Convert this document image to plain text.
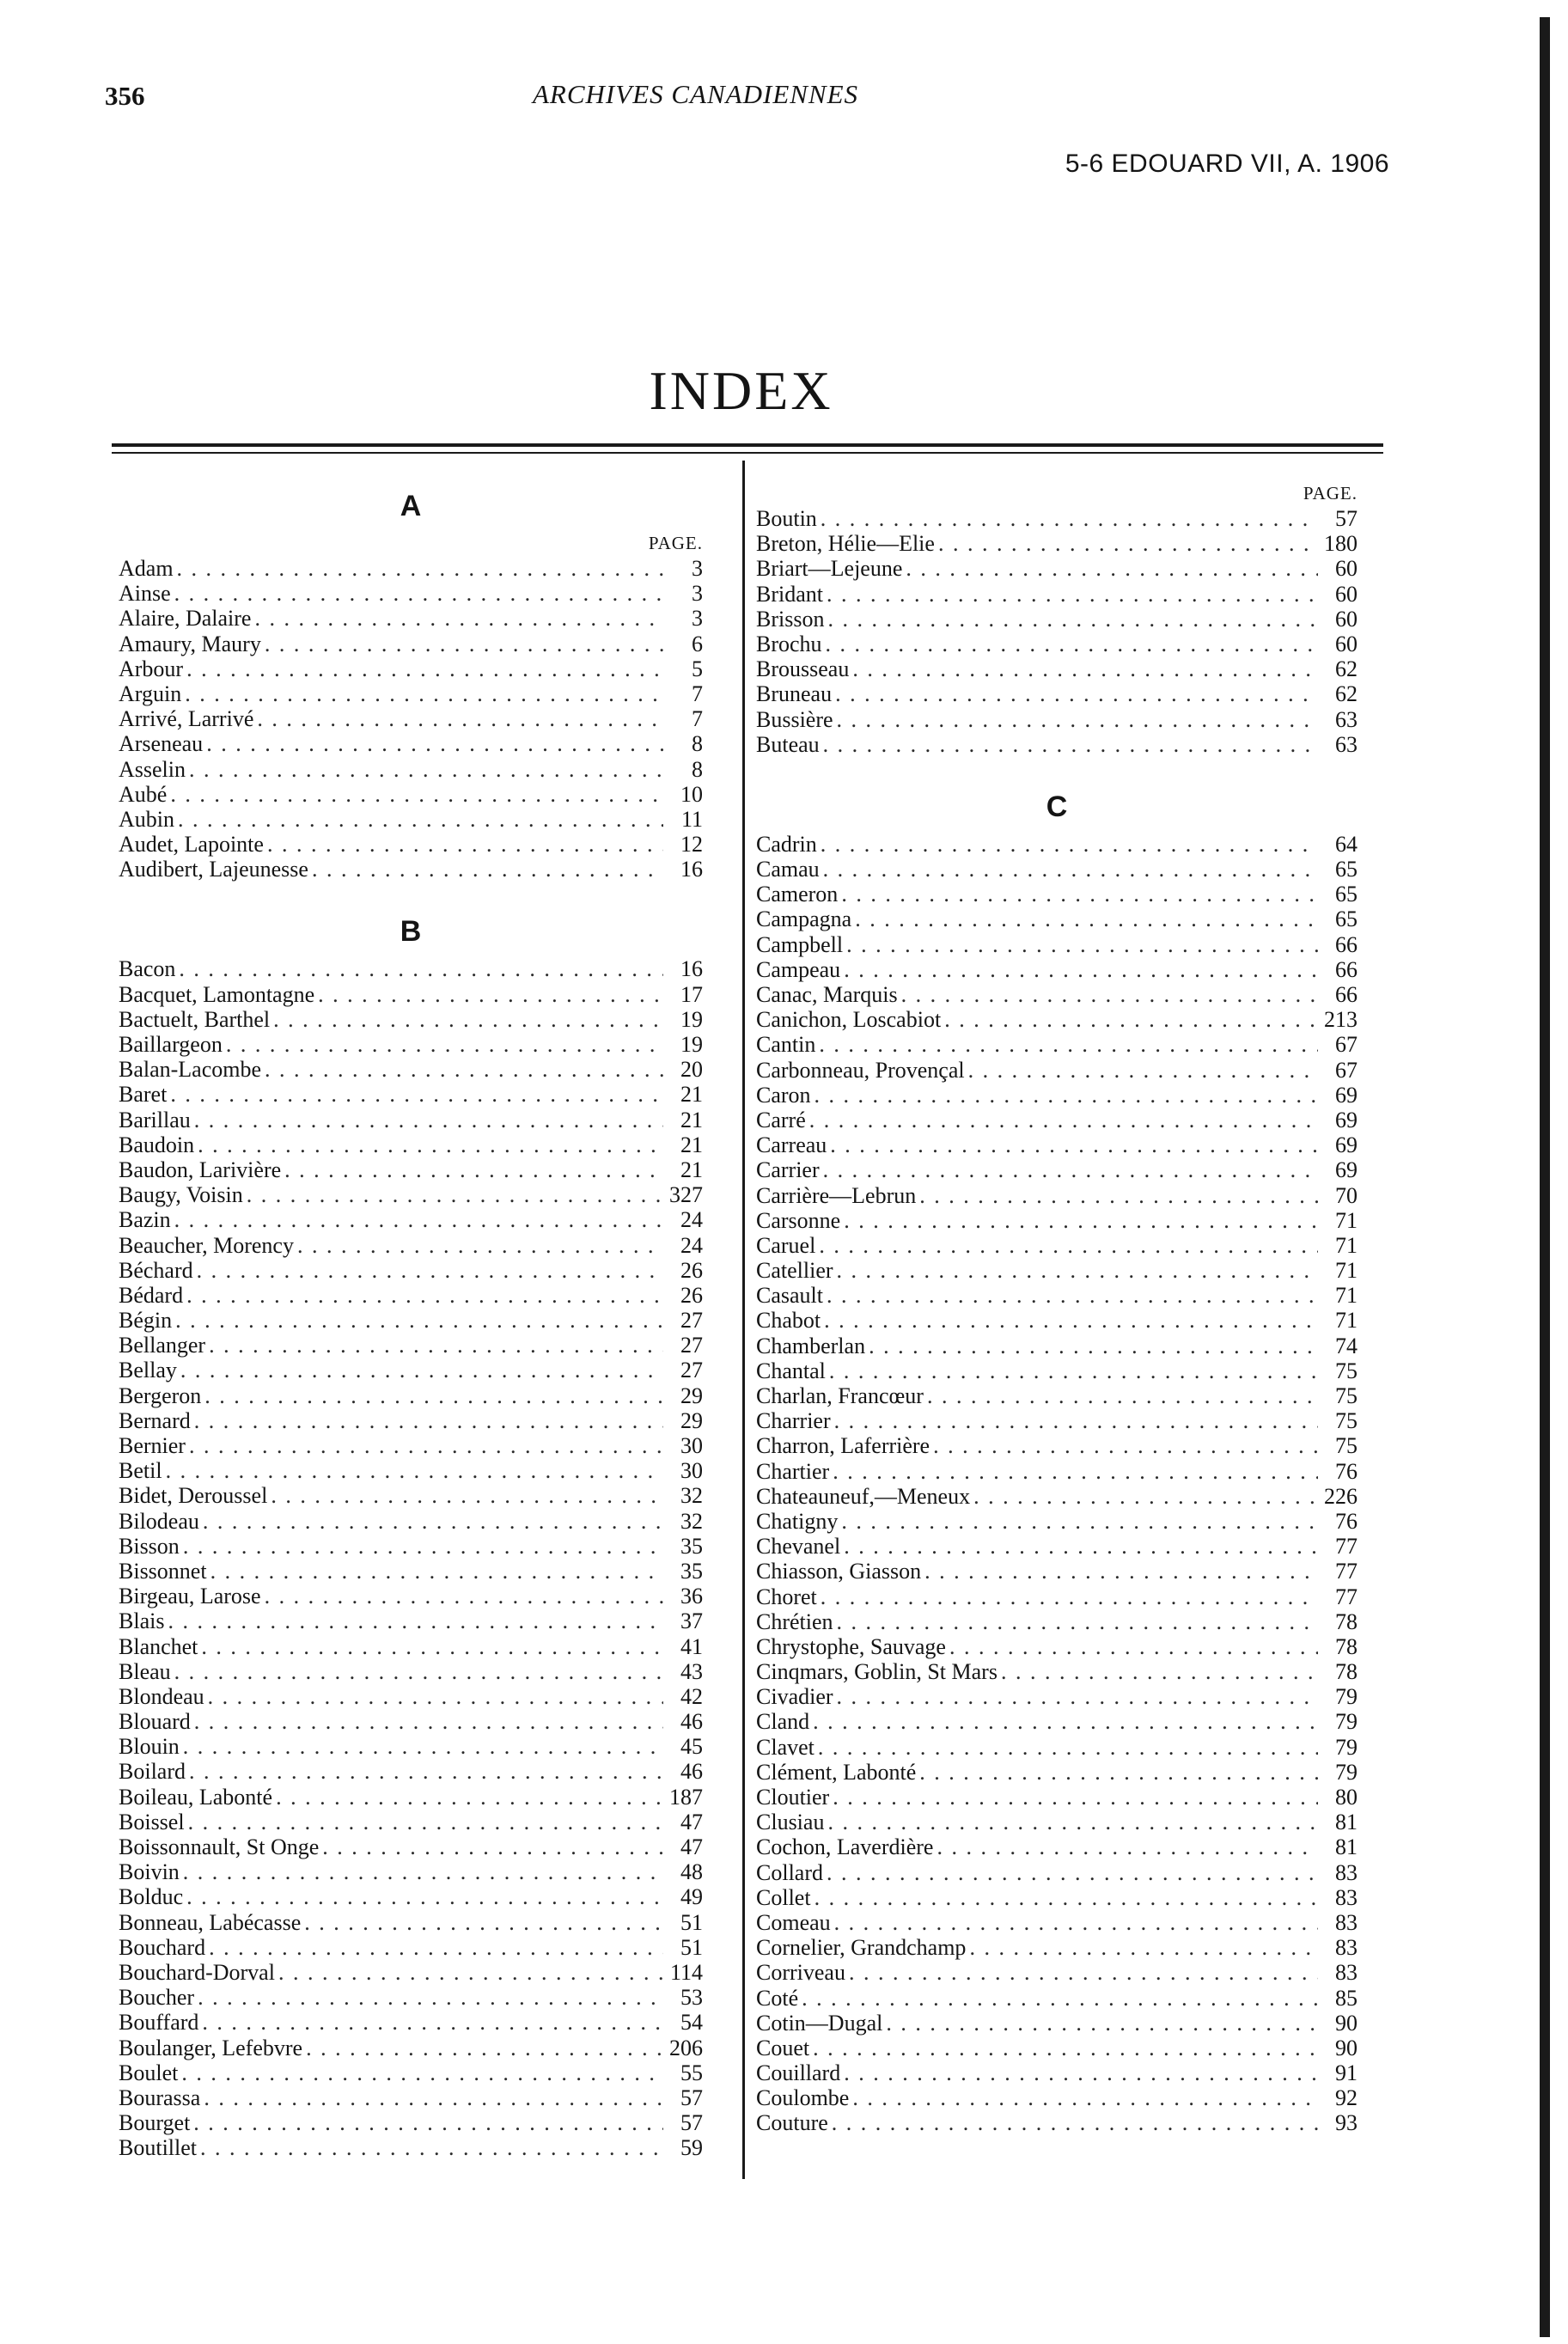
356	ARCHIVES CANADIENNES
5-6 EDOUARD VII, A. 1906
INDEX
A
PAGE.
Adam . . .	3
Ainse . . .	3
Alaire, Dalaire . . .	3
Amaury, Maury . . .	6
Arbour . . .	5
Arguin . . .	7
Arrivé, Larrivé . . .	7
Arseneau . . .	8
Asselin . . .	8
Aubé . . .	10
Aubin . . .	11
Audet, Lapointe . . .	12
Audibert, Lajeunesse . . .	16
B
Bacon . . .	16
Bacquet, Lamontagne . . .	17
Bactuelt, Barthel . . .	19
Baillargeon . . .	19
Balan-Lacombe . . .	20
Baret . . .	21
Barillau . . .	21
Baudoin . . .	21
Baudon, Larivière . . .	21
Baugy, Voisin . . .	327
Bazin . . .	24
Beaucher, Morency . . .	24
Béchard . . .	26
Bédard . . .	26
Bégin . . .	27
Bellanger . . .	27
Bellay . . .	27
Bergeron . . .	29
Bernard . . .	29
Bernier . . .	30
Betil . . .	30
Bidet, Deroussel . . .	32
Bilodeau . . .	32
Bisson . . .	35
Bissonnet . . .	35
Birgeau, Larose . . .	36
Blais . . .	37
Blanchet . . .	41
Bleau . . .	43
Blondeau . . .	42
Blouard . . .	46
Blouin . . .	45
Boilard . . .	46
Boileau, Labonté . . .	187
Boissel . . .	47
Boissonnault, St Onge . . .	47
Boivin . . .	48
Bolduc . . .	49
Bonneau, Labécasse . . .	51
Bouchard . . .	51
Bouchard-Dorval . . .	114
Boucher . . .	53
Bouffard . . .	54
Boulanger, Lefebvre . . .	206
Boulet . . .	55
Bourassa . . .	57
Bourget . . .	57
Boutillet . . .	59
PAGE.
Boutin . . .	57
Breton, Hélie—Elie . . .	180
Briart—Lejeune . . .	60
Bridant . . .	60
Brisson . . .	60
Brochu . . .	60
Brousseau . . .	62
Bruneau . . .	62
Bussière . . .	63
Buteau . . .	63
C
Cadrin . . .	64
Camau . . .	65
Cameron . . .	65
Campagna . . .	65
Campbell . . .	66
Campeau . . .	66
Canac, Marquis . . .	66
Canichon, Loscabiot . . .	213
Cantin . . .	67
Carbonneau, Provençal . . .	67
Caron . . .	69
Carré . . .	69
Carreau . . .	69
Carrier . . .	69
Carrière—Lebrun . . .	70
Carsonne . . .	71
Caruel . . .	71
Catellier . . .	71
Casault . . .	71
Chabot . . .	71
Chamberlan . . .	74
Chantal . . .	75
Charlan, Francœur . . .	75
Charrier . . .	75
Charron, Laferrière . . .	75
Chartier . . .	76
Chateauneuf,—Meneux . . .	226
Chatigny . . .	76
Chevanel . . .	77
Chiasson, Giasson . . .	77
Choret . . .	77
Chrétien . . .	78
Chrystophe, Sauvage . . .	78
Cinqmars, Goblin, St Mars . . .	78
Civadier . . .	79
Cland . . .	79
Clavet . . .	79
Clément, Labonté . . .	79
Cloutier . . .	80
Clusiau . . .	81
Cochon, Laverdière . . .	81
Collard . . .	83
Collet . . .	83
Comeau . . .	83
Cornelier, Grandchamp . . .	83
Corriveau . . .	83
Coté . . .	85
Cotin—Dugal . . .	90
Couet . . .	90
Couillard . . .	91
Coulombe . . .	92
Couture . . .	93
